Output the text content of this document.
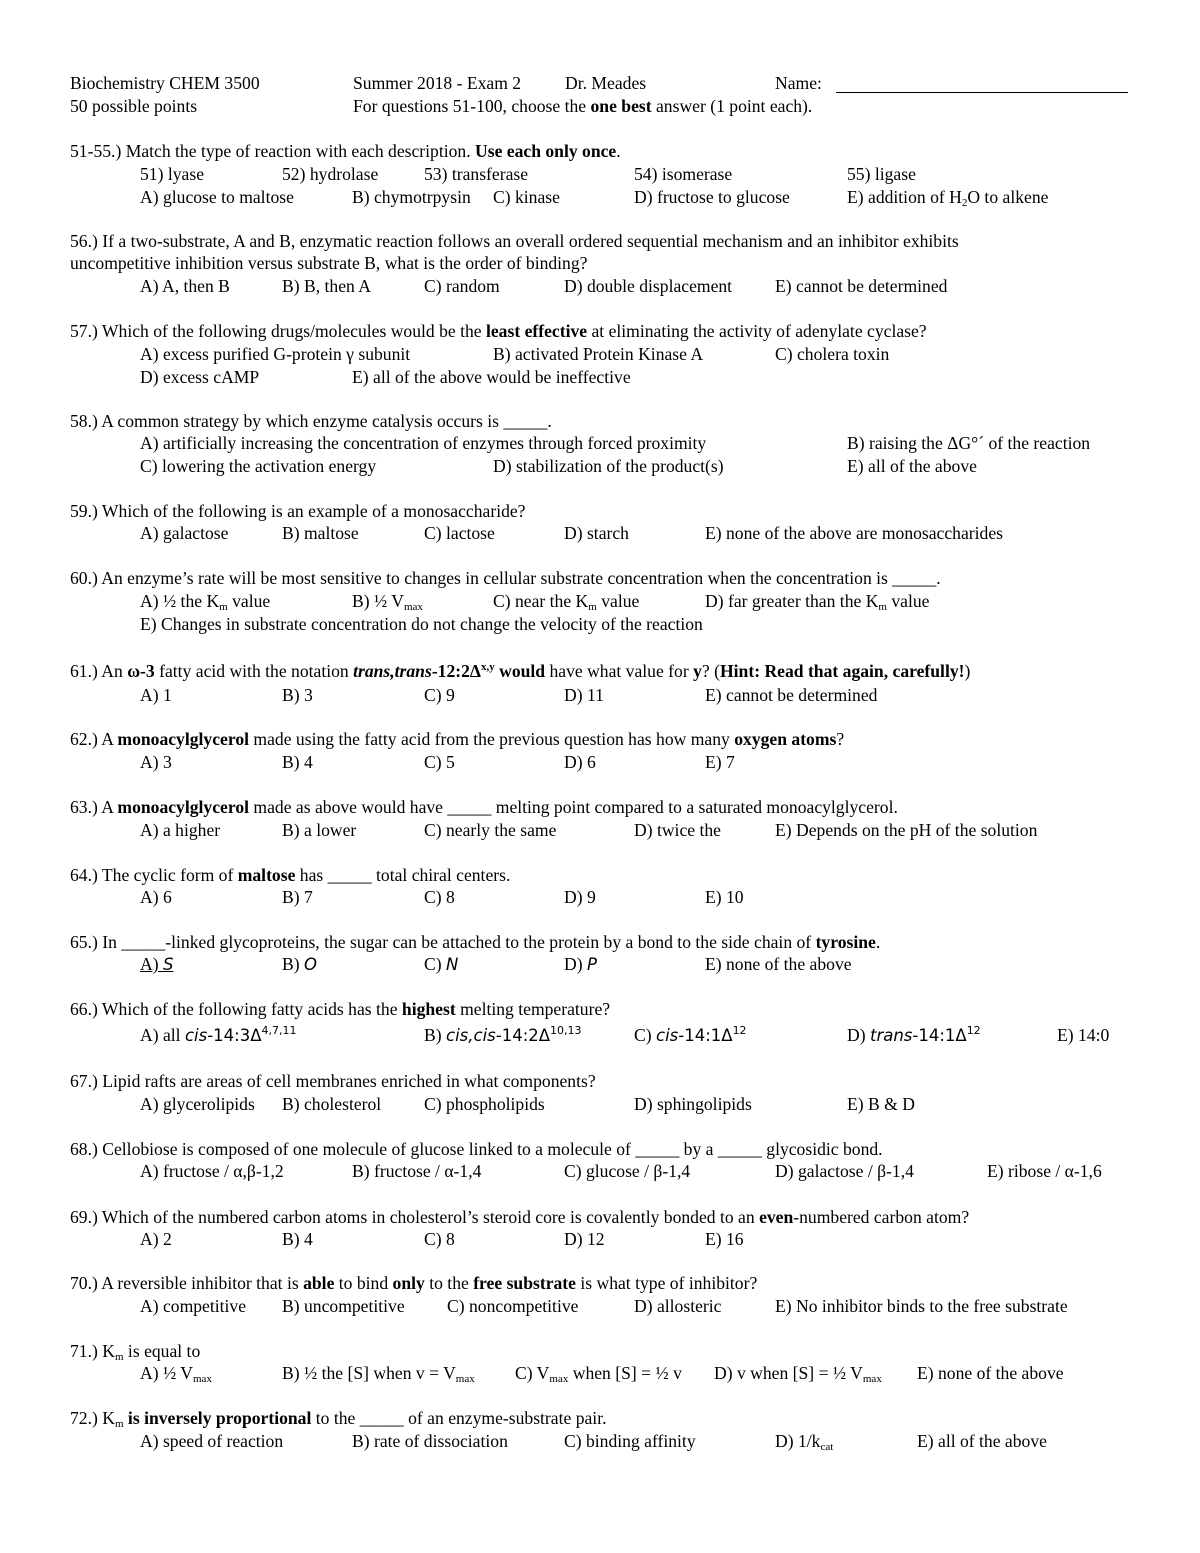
Biochemistry CHEM 3500	Summer 2018 - Exam 2 Dr. Meades	Name:
50 possible points	For questions 51-100, choose the one best answer (1 point each).
51-55.) Match the type of reaction with each description. Use each only once.
51) lyase	52) hydrolase	53) transferase	54) isomerase	55) ligase
A) glucose to maltose	B) chymotrpysin C) kinase	D) fructose to glucose	E) addition of $H_2O$ to alkene
56.) If a two-substrate, A and B, enzymatic reaction follows an overall ordered sequential mechanism and an inhibitor exhibits
uncompetitive inhibition versus substrate B, what is the order of binding?
A) A, then B	B) B, then A	C) random	D) double displacement E) cannot be determined
57.) Which of the following drugs/molecules would be the least effective at eliminating the activity of adenylate cyclase?
A) excess purified G-protein γ subunit	B) activated Protein Kinase A	C) cholera toxin
D) excess cAMP	E) all of the above would be ineffective
58.) A common strategy by which enzyme catalysis occurs is _____.
A) artificially increasing the concentration of enzymes through forced proximity	B) raising the ΔG°´ of the reaction
C) lowering the activation energy	D) stabilization of the product(s)	E) all of the above
59.) Which of the following is an example of a monosaccharide?
A) galactose	B) maltose	C) lactose	D) starch	E) none of the above are monosaccharides
60.) An enzyme’s rate will be most sensitive to changes in cellular substrate concentration when the concentration is _____.
A) ½ the $K_m$ value	B) ½ $V_{max}$	C) near the $K_m$ value	D) far greater than the $K_m$ value
E) Changes in substrate concentration do not change the velocity of the reaction
61.) An ω-3 fatty acid with the notation $trans,trans-12:2\Delta^{x,y}$ would have what value for y? (Hint: Read that again, carefully!)
A) 1	B) 3	C) 9	D) 11	E) cannot be determined
62.) A monoacylglycerol made using the fatty acid from the previous question has how many oxygen atoms?
A) 3	B) 4	C) 5	D) 6	E) 7
63.) A monoacylglycerol made as above would have _____ melting point compared to a saturated monoacylglycerol.
A) a higher	B) a lower	C) nearly the same	D) twice the	E) Depends on the pH of the solution
64.) The cyclic form of maltose has _____ total chiral centers.
A) 6	B) 7	C) 8	D) 9	E) 10
65.) In _____-linked glycoproteins, the sugar can be attached to the protein by a bond to the side chain of tyrosine.
A) S	B) O	C) N	D) P	E) none of the above
66.) Which of the following fatty acids has the highest melting temperature?
A) all cis-$14:3\Delta^{4,7,11}$	B) $cis,cis-14:2\Delta^{10,13}$	C) cis-$14:1\Delta^{12}$	D) trans-$14:1\Delta^{12}$	E) 14:0
67.) Lipid rafts are areas of cell membranes enriched in what components?
A) glycerolipids B) cholesterol C) phospholipids	D) sphingolipids	E) B & D
68.) Cellobiose is composed of one molecule of glucose linked to a molecule of _____ by a _____ glycosidic bond.
A) fructose / α,β-1,2	B) fructose / α-1,4	C) glucose / β-1,4	D) galactose / β-1,4	E) ribose / α-1,6
69.) Which of the numbered carbon atoms in cholesterol’s steroid core is covalently bonded to an even-numbered carbon atom?
A) 2	B) 4	C) 8	D) 12	E) 16
70.) A reversible inhibitor that is able to bind only to the free substrate is what type of inhibitor?
A) competitive B) uncompetitive C) noncompetitive	D) allosteric	E) No inhibitor binds to the free substrate
71.) $K_m$ is equal to
A) ½ $V_{max}$	B) ½ the [S] when $v = V_{max}$ C) $V_{max}$ when [S] = ½ v D) v when [S] = ½ $V_{max}$ E) none of the above
72.) $K_m$ is inversely proportional to the _____ of an enzyme-substrate pair.
A) speed of reaction	B) rate of dissociation	C) binding affinity	D) $1/k_{cat}$	E) all of the above
